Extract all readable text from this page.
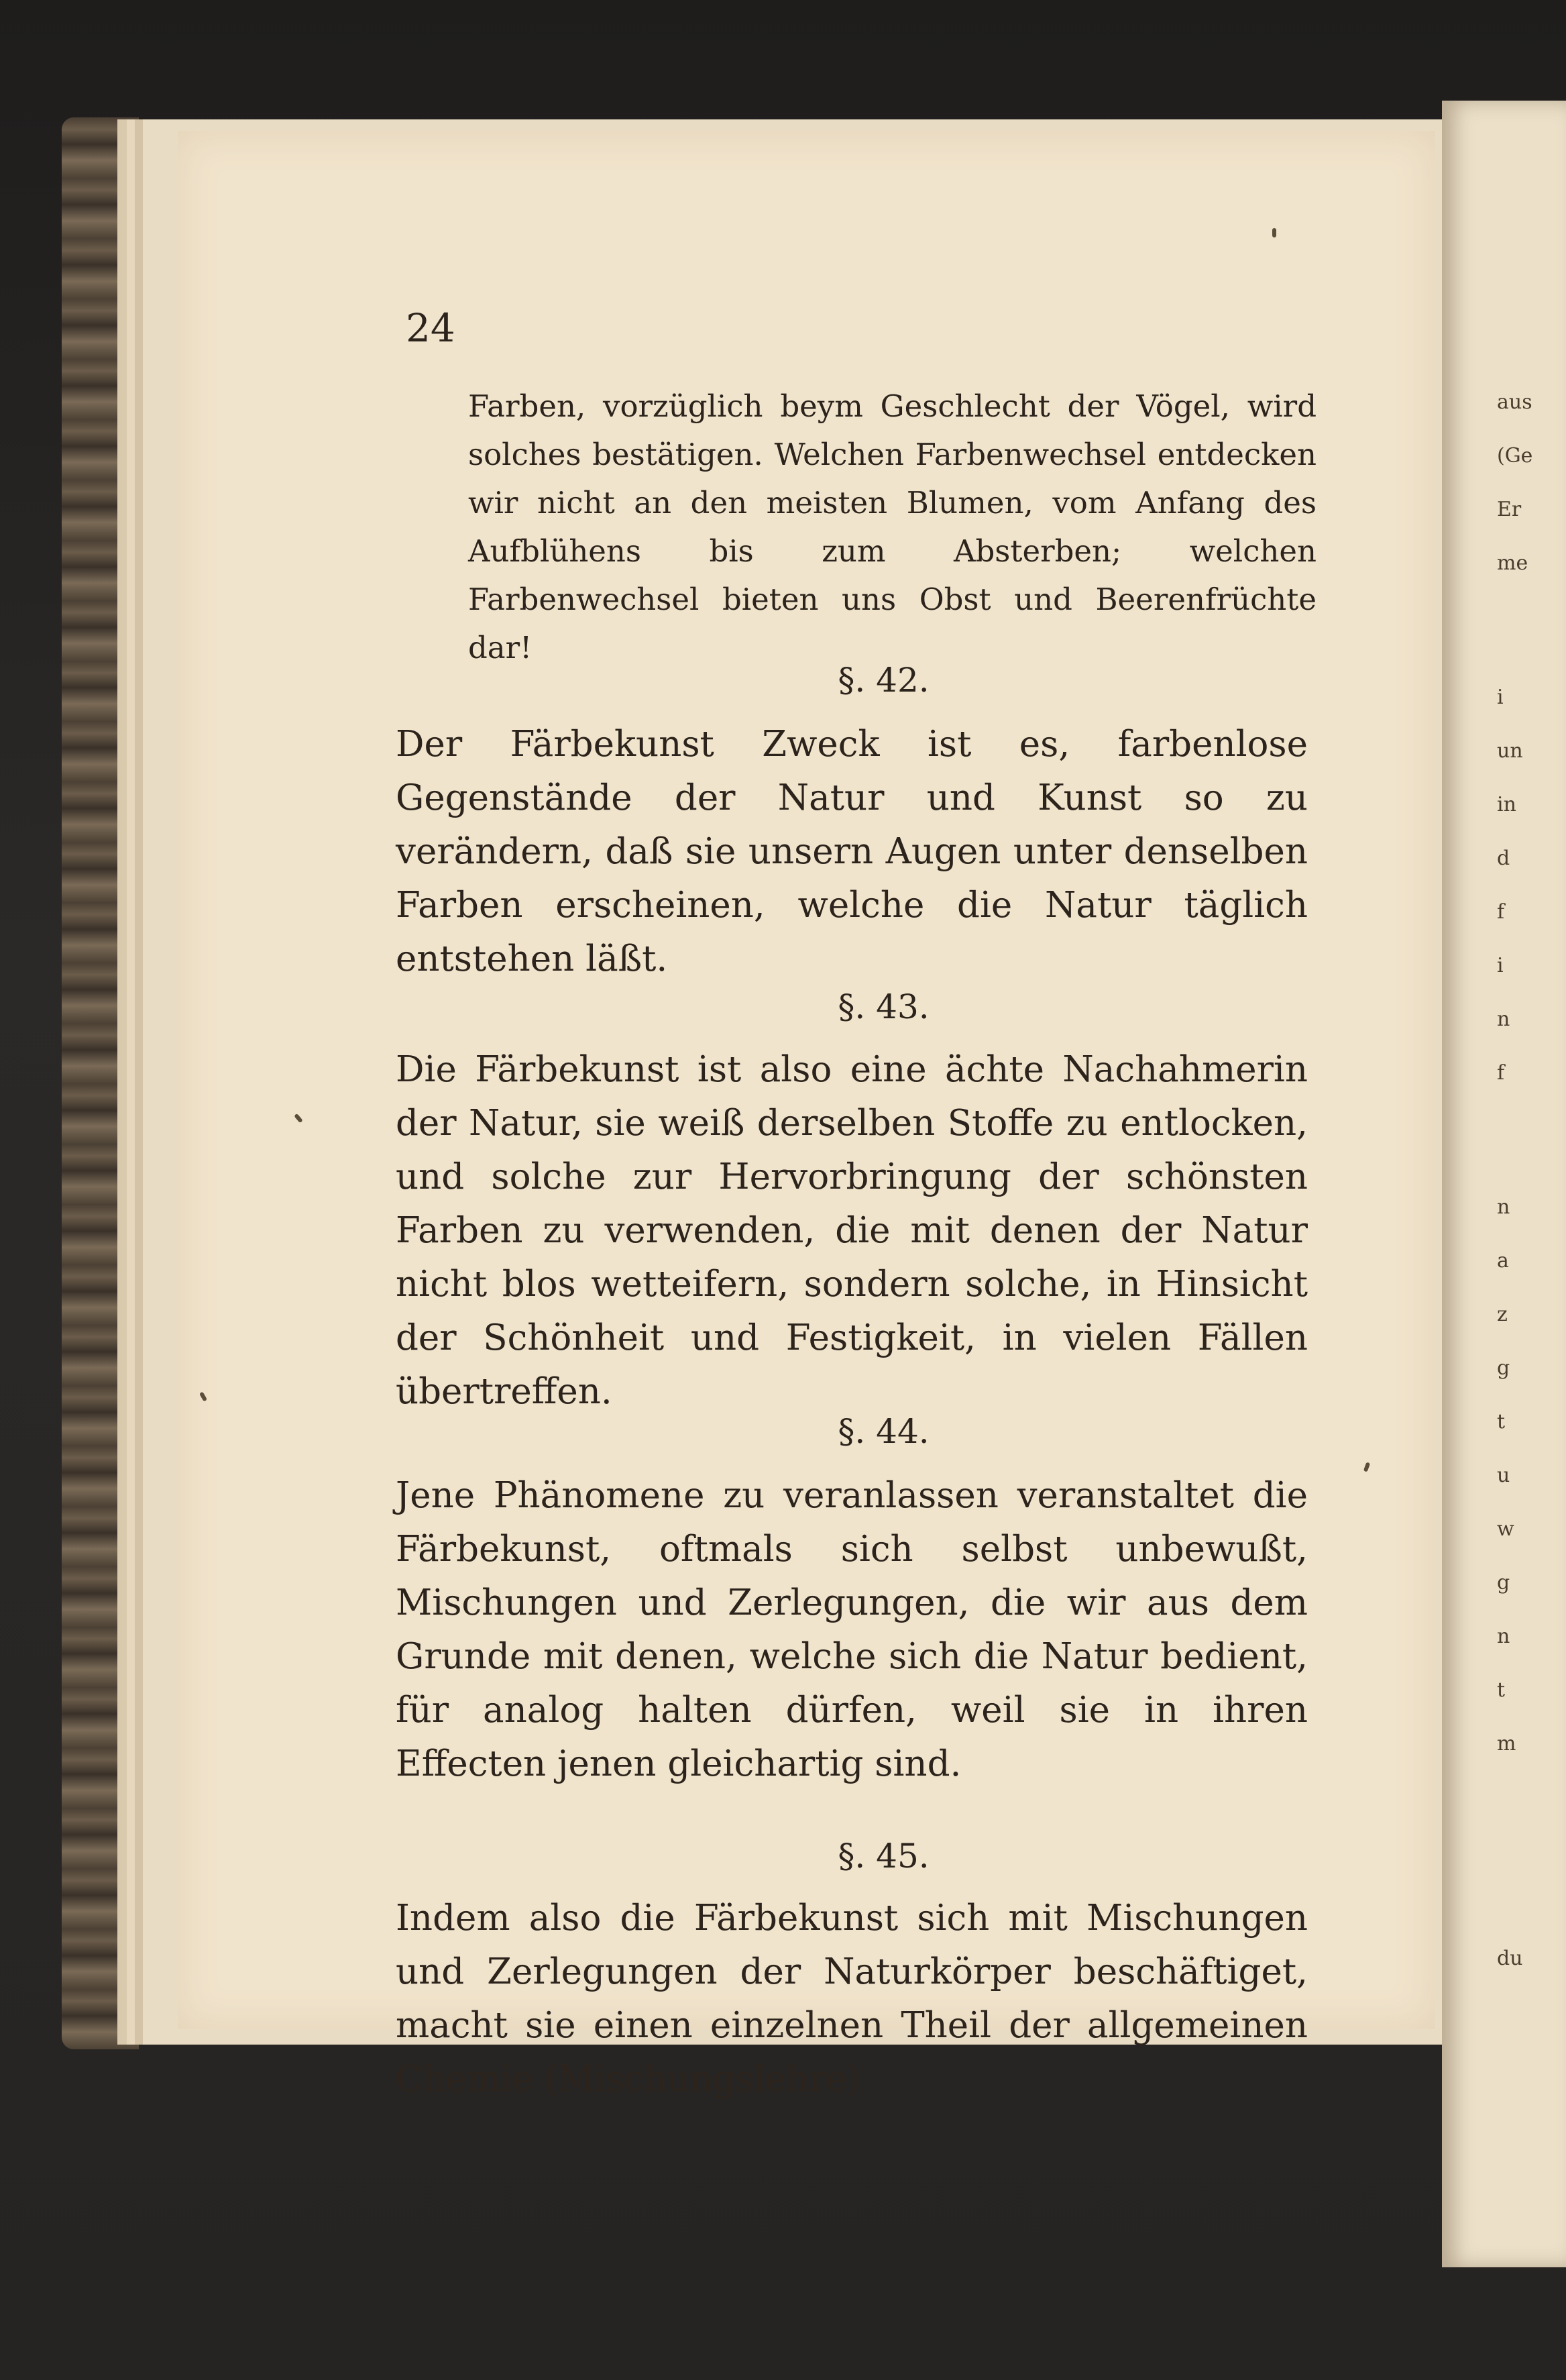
aus
(Ge
Er
me
i
un
in
d
f
i
n
f
n
a
z
g
t
u
w
g
n
t
m
du
24

Farben, vorzüglich beym Geschlecht der Vögel, wird solches bestätigen. Welchen Farbenwechsel entdecken wir nicht an den meisten Blumen, vom Anfang des Aufblühens bis zum Absterben; welchen Farbenwechsel bieten uns Obst und Beerenfrüchte dar!

§. 42.

Der Färbekunst Zweck ist es, farbenlose Gegenstände der Natur und Kunst so zu verändern, daß sie unsern Augen unter denselben Farben erscheinen, welche die Natur täglich entstehen läßt.

§. 43.

Die Färbekunst ist also eine ächte Nachahmerin der Natur, sie weiß derselben Stoffe zu entlocken, und solche zur Hervorbringung der schönsten Farben zu verwenden, die mit denen der Natur nicht blos wetteifern, sondern solche, in Hinsicht der Schönheit und Festigkeit, in vielen Fällen übertreffen.

§. 44.

Jene Phänomene zu veranlassen veranstaltet die Färbekunst, oftmals sich selbst unbewußt, Mischungen und Zerlegungen, die wir aus dem Grunde mit denen, welche sich die Natur bedient, für analog halten dürfen, weil sie in ihren Effecten jenen gleichartig sind.

§. 45.

Indem also die Färbekunst sich mit Mischungen und Zerlegungen der Naturkörper beschäftiget, macht sie einen einzelnen Theil der allgemeinen Chemie (Mischungslehre)
